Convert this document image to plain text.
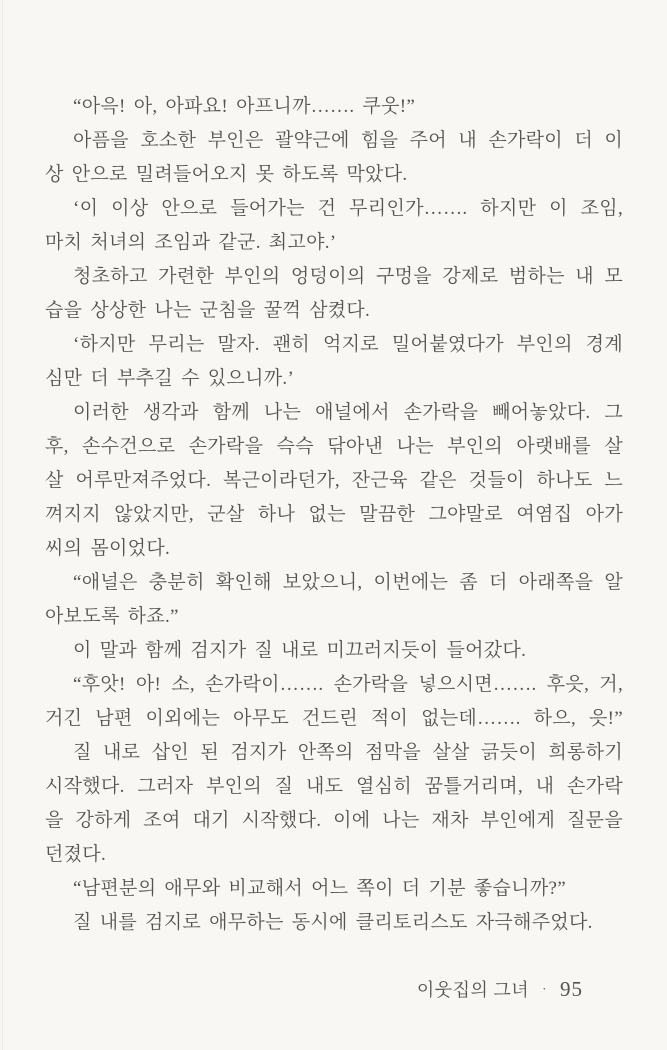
“아윽! 아, 아파요! 아프니까……. 쿠웃!”
아픔을 호소한 부인은 괄약근에 힘을 주어 내 손가락이 더 이
상 안으로 밀려들어오지 못 하도록 막았다.
‘이 이상 안으로 들어가는 건 무리인가……. 하지만 이 조임,
마치 처녀의 조임과 같군. 최고야.’
청초하고 가련한 부인의 엉덩이의 구멍을 강제로 범하는 내 모
습을 상상한 나는 군침을 꿀꺽 삼켰다.
‘하지만 무리는 말자. 괜히 억지로 밀어붙였다가 부인의 경계
심만 더 부추길 수 있으니까.’
이러한 생각과 함께 나는 애널에서 손가락을 빼어놓았다. 그
후, 손수건으로 손가락을 슥슥 닦아낸 나는 부인의 아랫배를 살
살 어루만져주었다. 복근이라던가, 잔근육 같은 것들이 하나도 느
껴지지 않았지만, 군살 하나 없는 말끔한 그야말로 여염집 아가
씨의 몸이었다.
“애널은 충분히 확인해 보았으니, 이번에는 좀 더 아래쪽을 알
아보도록 하죠.”
이 말과 함께 검지가 질 내로 미끄러지듯이 들어갔다.
“후앗! 아! 소, 손가락이……. 손가락을 넣으시면……. 후읏, 거,
거긴 남편 이외에는 아무도 건드린 적이 없는데……. 하으, 읏!”
질 내로 삽인 된 검지가 안쪽의 점막을 살살 긁듯이 희롱하기
시작했다. 그러자 부인의 질 내도 열심히 꿈틀거리며, 내 손가락
을 강하게 조여 대기 시작했다. 이에 나는 재차 부인에게 질문을
던졌다.
“남편분의 애무와 비교해서 어느 쪽이 더 기분 좋습니까?”
질 내를 검지로 애무하는 동시에 클리토리스도 자극해주었다.
이웃집의 그녀 · 95
